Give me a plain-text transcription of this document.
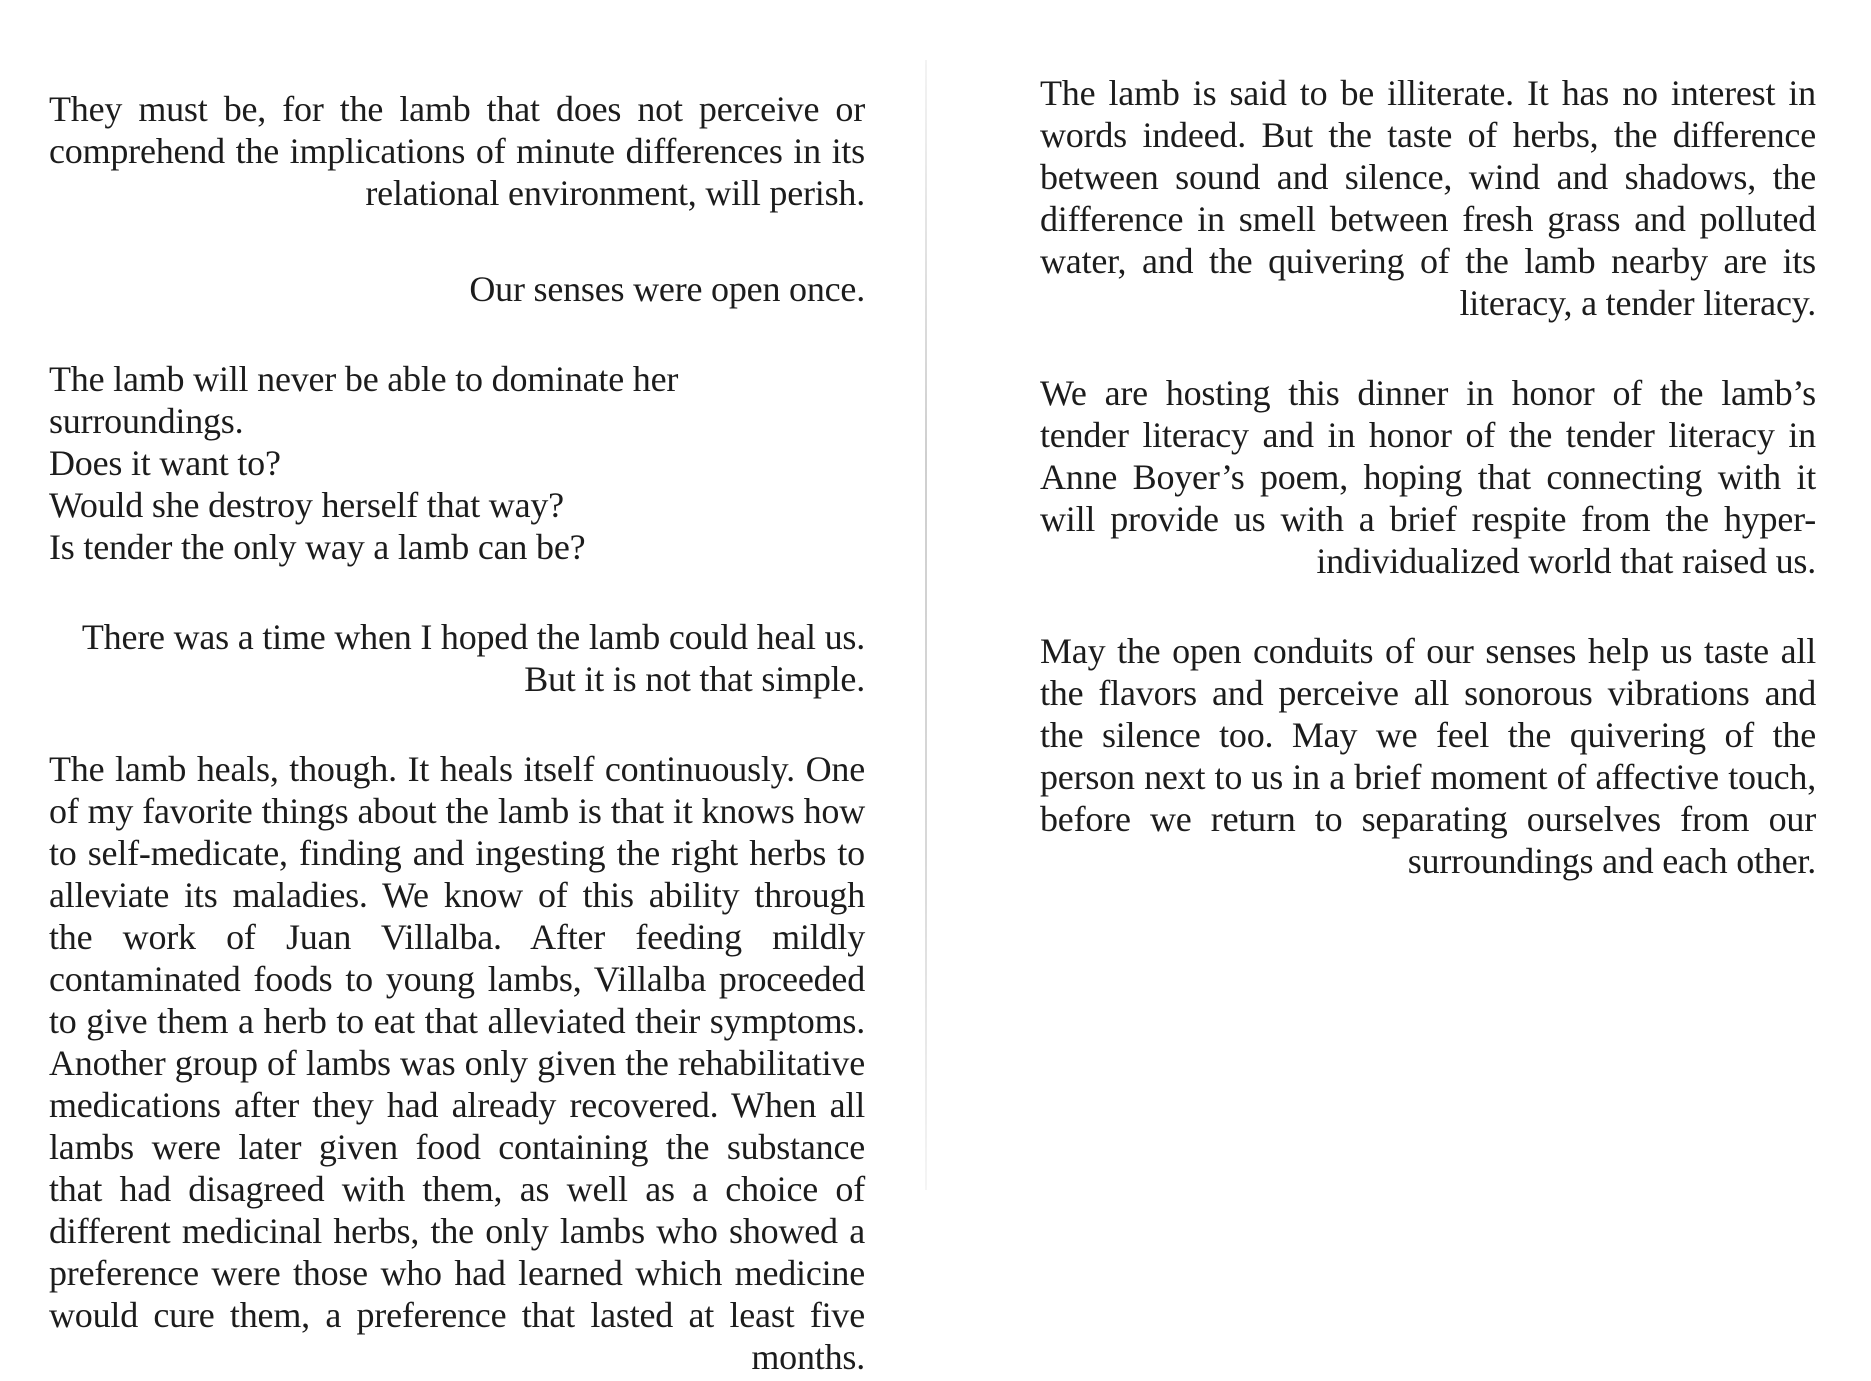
They must be, for the lamb that does not perceive or comprehend the implications of minute differences in its relational environment, will perish.

Our senses were open once.

The lamb will never be able to dominate her surroundings.
Does it want to?
Would she destroy herself that way?
Is tender the only way a lamb can be?

There was a time when I hoped the lamb could heal us.
But it is not that simple.

The lamb heals, though. It heals itself continuously. One of my favorite things about the lamb is that it knows how to self-medicate, finding and ingesting the right herbs to alleviate its maladies. We know of this ability through the work of Juan Villalba. After feeding mildly contaminated foods to young lambs, Villalba proceeded to give them a herb to eat that alleviated their symptoms. Another group of lambs was only given the rehabilitative medications after they had already recovered. When all lambs were later given food containing the substance that had disagreed with them, as well as a choice of different medicinal herbs, the only lambs who showed a preference were those who had learned which medicine would cure them, a preference that lasted at least five months.

The lamb is said to be illiterate. It has no interest in words indeed. But the taste of herbs, the difference between sound and silence, wind and shadows, the difference in smell between fresh grass and polluted water, and the quivering of the lamb nearby are its literacy, a tender literacy.

We are hosting this dinner in honor of the lamb’s tender literacy and in honor of the tender literacy in Anne Boyer’s poem, hoping that connecting with it will provide us with a brief respite from the hyper-individualized world that raised us.

May the open conduits of our senses help us taste all the flavors and perceive all sonorous vibrations and the silence too. May we feel the quivering of the person next to us in a brief moment of affective touch, before we return to separating ourselves from our surroundings and each other.
